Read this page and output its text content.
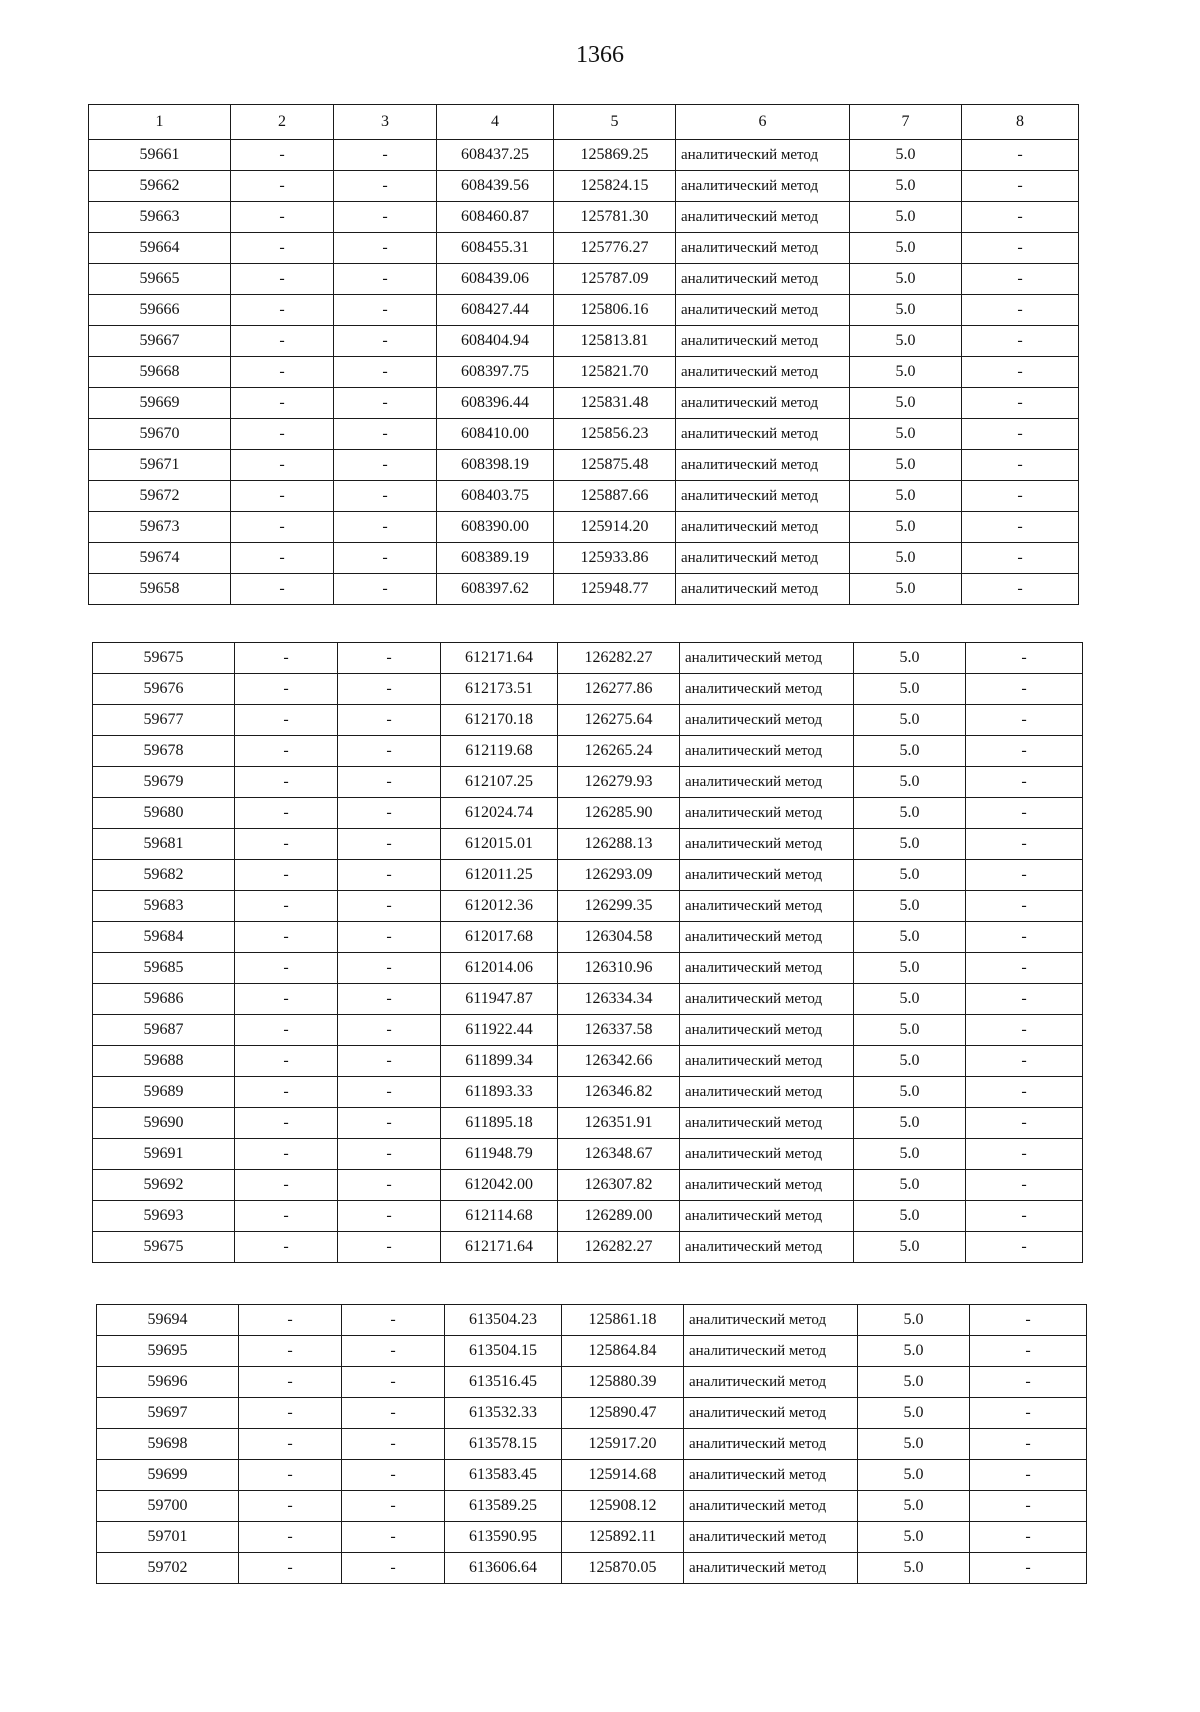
1366
1	2	3	4	5	6	7	8
59661	-	-	608437.25	125869.25	аналитический метод	5.0	-
59662	-	-	608439.56	125824.15	аналитический метод	5.0	-
59663	-	-	608460.87	125781.30	аналитический метод	5.0	-
59664	-	-	608455.31	125776.27	аналитический метод	5.0	-
59665	-	-	608439.06	125787.09	аналитический метод	5.0	-
59666	-	-	608427.44	125806.16	аналитический метод	5.0	-
59667	-	-	608404.94	125813.81	аналитический метод	5.0	-
59668	-	-	608397.75	125821.70	аналитический метод	5.0	-
59669	-	-	608396.44	125831.48	аналитический метод	5.0	-
59670	-	-	608410.00	125856.23	аналитический метод	5.0	-
59671	-	-	608398.19	125875.48	аналитический метод	5.0	-
59672	-	-	608403.75	125887.66	аналитический метод	5.0	-
59673	-	-	608390.00	125914.20	аналитический метод	5.0	-
59674	-	-	608389.19	125933.86	аналитический метод	5.0	-
59658	-	-	608397.62	125948.77	аналитический метод	5.0	-
59675	-	-	612171.64	126282.27	аналитический метод	5.0	-
59676	-	-	612173.51	126277.86	аналитический метод	5.0	-
59677	-	-	612170.18	126275.64	аналитический метод	5.0	-
59678	-	-	612119.68	126265.24	аналитический метод	5.0	-
59679	-	-	612107.25	126279.93	аналитический метод	5.0	-
59680	-	-	612024.74	126285.90	аналитический метод	5.0	-
59681	-	-	612015.01	126288.13	аналитический метод	5.0	-
59682	-	-	612011.25	126293.09	аналитический метод	5.0	-
59683	-	-	612012.36	126299.35	аналитический метод	5.0	-
59684	-	-	612017.68	126304.58	аналитический метод	5.0	-
59685	-	-	612014.06	126310.96	аналитический метод	5.0	-
59686	-	-	611947.87	126334.34	аналитический метод	5.0	-
59687	-	-	611922.44	126337.58	аналитический метод	5.0	-
59688	-	-	611899.34	126342.66	аналитический метод	5.0	-
59689	-	-	611893.33	126346.82	аналитический метод	5.0	-
59690	-	-	611895.18	126351.91	аналитический метод	5.0	-
59691	-	-	611948.79	126348.67	аналитический метод	5.0	-
59692	-	-	612042.00	126307.82	аналитический метод	5.0	-
59693	-	-	612114.68	126289.00	аналитический метод	5.0	-
59675	-	-	612171.64	126282.27	аналитический метод	5.0	-
59694	-	-	613504.23	125861.18	аналитический метод	5.0	-
59695	-	-	613504.15	125864.84	аналитический метод	5.0	-
59696	-	-	613516.45	125880.39	аналитический метод	5.0	-
59697	-	-	613532.33	125890.47	аналитический метод	5.0	-
59698	-	-	613578.15	125917.20	аналитический метод	5.0	-
59699	-	-	613583.45	125914.68	аналитический метод	5.0	-
59700	-	-	613589.25	125908.12	аналитический метод	5.0	-
59701	-	-	613590.95	125892.11	аналитический метод	5.0	-
59702	-	-	613606.64	125870.05	аналитический метод	5.0	-
